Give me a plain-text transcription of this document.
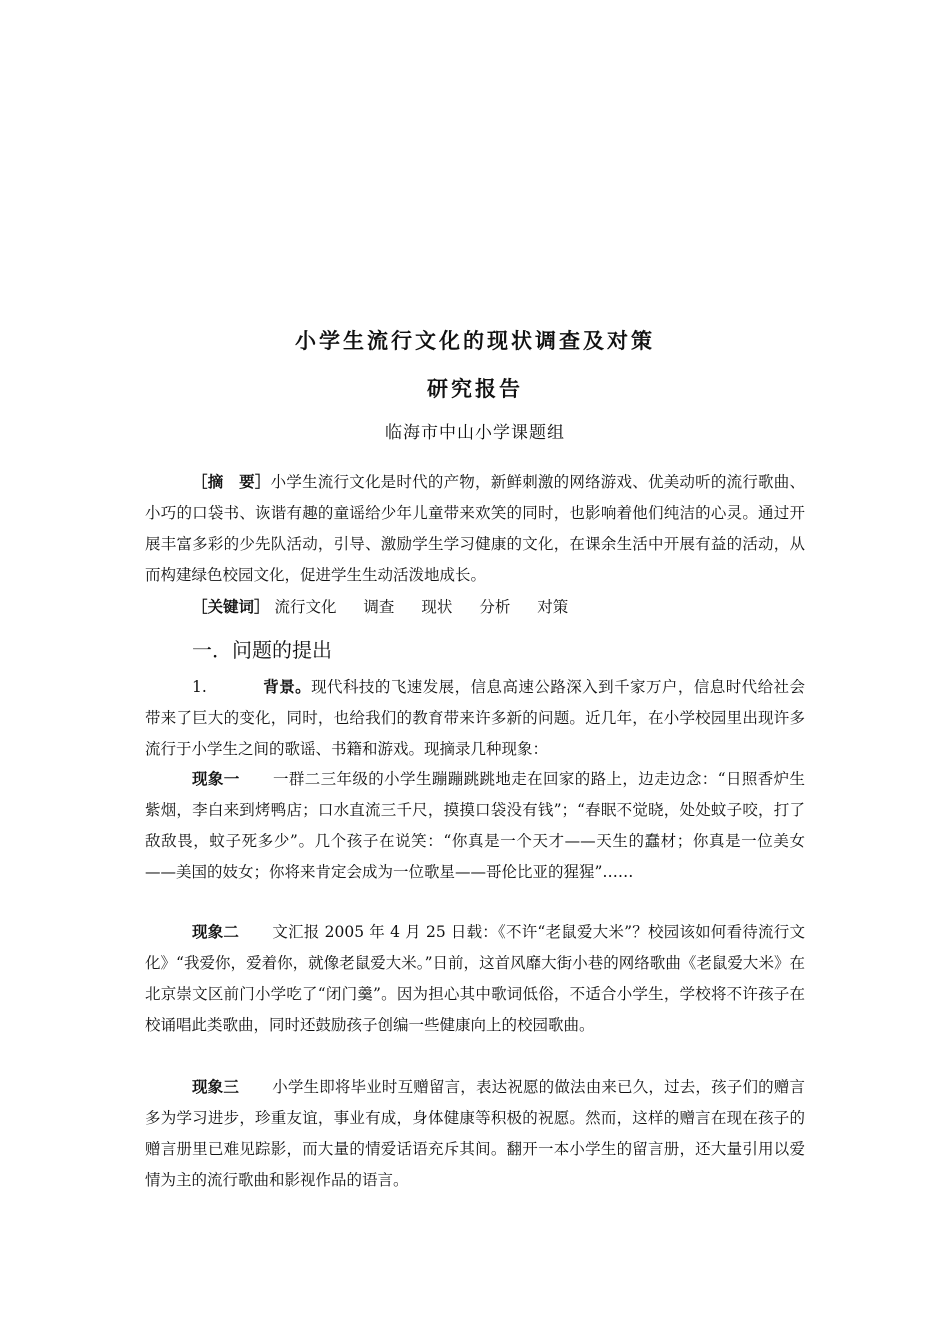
小学生流行文化的现状调查及对策
研究报告
临海市中山小学课题组

［摘　要］小学生流行文化是时代的产物，新鲜刺激的网络游戏、优美动听的流行歌曲、小巧的口袋书、诙谐有趣的童谣给少年儿童带来欢笑的同时，也影响着他们纯洁的心灵。通过开展丰富多彩的少先队活动，引导、激励学生学习健康的文化，在课余生活中开展有益的活动，从而构建绿色校园文化，促进学生生动活泼地成长。

［关键词］ 流行文化 调查 现状 分析 对策
一．问题的提出

1.	背景。现代科技的飞速发展，信息高速公路深入到千家万户，信息时代给社会带来了巨大的变化，同时，也给我们的教育带来许多新的问题。近几年，在小学校园里出现许多流行于小学生之间的歌谣、书籍和游戏。现摘录几种现象：

现象一 一群二三年级的小学生蹦蹦跳跳地走在回家的路上，边走边念：“日照香炉生紫烟，李白来到烤鸭店；口水直流三千尺，摸摸口袋没有钱”；“春眠不觉晓，处处蚊子咬，打了敌敌畏，蚊子死多少”。几个孩子在说笑：“你真是一个天才——天生的蠢材；你真是一位美女——美国的妓女；你将来肯定会成为一位歌星——哥伦比亚的猩猩”……

现象二 文汇报 2005 年 4 月 25 日载：《不许“老鼠爱大米”？校园该如何看待流行文化》“我爱你，爱着你，就像老鼠爱大米。”日前，这首风靡大街小巷的网络歌曲《老鼠爱大米》在北京崇文区前门小学吃了“闭门羹”。因为担心其中歌词低俗，不适合小学生，学校将不许孩子在校诵唱此类歌曲，同时还鼓励孩子创编一些健康向上的校园歌曲。

现象三 小学生即将毕业时互赠留言，表达祝愿的做法由来已久，过去，孩子们的赠言多为学习进步，珍重友谊，事业有成，身体健康等积极的祝愿。然而，这样的赠言在现在孩子的赠言册里已难见踪影，而大量的情爱话语充斥其间。翻开一本小学生的留言册，还大量引用以爱情为主的流行歌曲和影视作品的语言。
